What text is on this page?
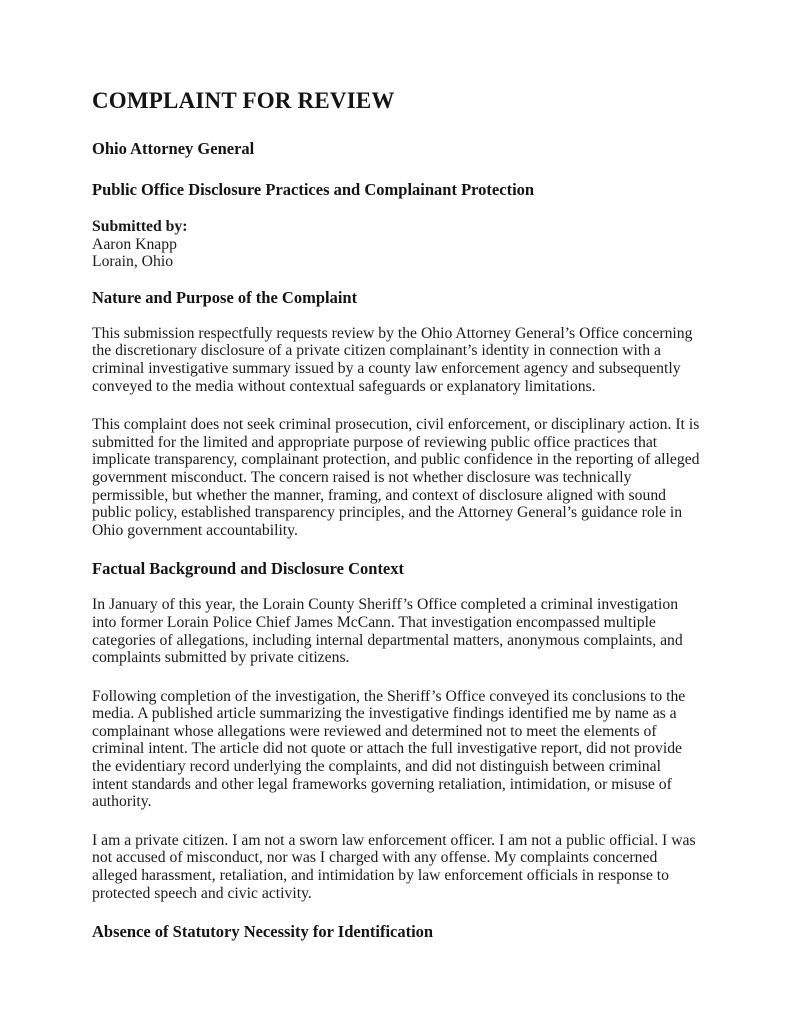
COMPLAINT FOR REVIEW
Ohio Attorney General
Public Office Disclosure Practices and Complainant Protection
Submitted by:
Aaron Knapp
Lorain, Ohio
Nature and Purpose of the Complaint

This submission respectfully requests review by the Ohio Attorney General’s Office concerning the discretionary disclosure of a private citizen complainant’s identity in connection with a criminal investigative summary issued by a county law enforcement agency and subsequently conveyed to the media without contextual safeguards or explanatory limitations.

This complaint does not seek criminal prosecution, civil enforcement, or disciplinary action. It is submitted for the limited and appropriate purpose of reviewing public office practices that implicate transparency, complainant protection, and public confidence in the reporting of alleged government misconduct. The concern raised is not whether disclosure was technically permissible, but whether the manner, framing, and context of disclosure aligned with sound public policy, established transparency principles, and the Attorney General’s guidance role in Ohio government accountability.

Factual Background and Disclosure Context

In January of this year, the Lorain County Sheriff’s Office completed a criminal investigation into former Lorain Police Chief James McCann. That investigation encompassed multiple categories of allegations, including internal departmental matters, anonymous complaints, and complaints submitted by private citizens.

Following completion of the investigation, the Sheriff’s Office conveyed its conclusions to the media. A published article summarizing the investigative findings identified me by name as a complainant whose allegations were reviewed and determined not to meet the elements of criminal intent. The article did not quote or attach the full investigative report, did not provide the evidentiary record underlying the complaints, and did not distinguish between criminal intent standards and other legal frameworks governing retaliation, intimidation, or misuse of authority.

I am a private citizen. I am not a sworn law enforcement officer. I am not a public official. I was not accused of misconduct, nor was I charged with any offense. My complaints concerned alleged harassment, retaliation, and intimidation by law enforcement officials in response to protected speech and civic activity.

Absence of Statutory Necessity for Identification
